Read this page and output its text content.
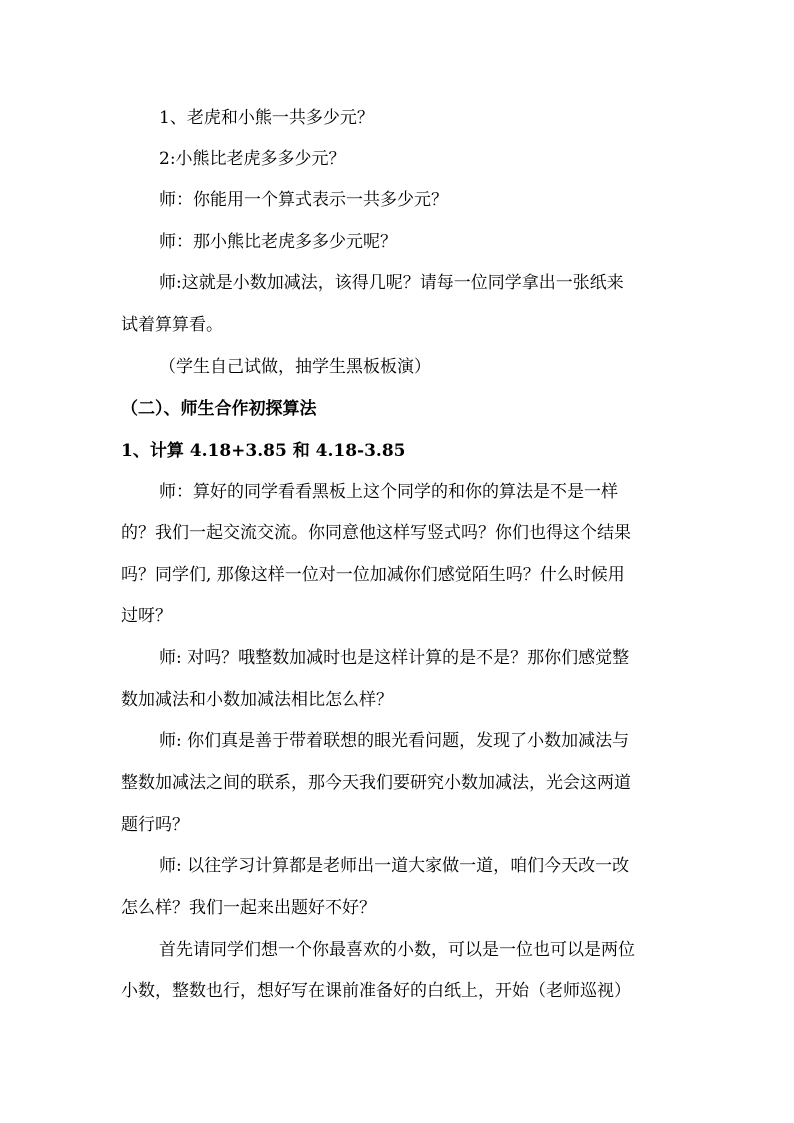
1、老虎和小熊一共多少元？
2:小熊比老虎多多少元？
师：你能用一个算式表示一共多少元？
师：那小熊比老虎多多少元呢？
师:这就是小数加减法，该得几呢？请每一位同学拿出一张纸来
试着算算看。
（学生自己试做，抽学生黑板板演）
（二）、师生合作初探算法
1、计算 4.18+3.85 和 4.18-3.85
师：算好的同学看看黑板上这个同学的和你的算法是不是一样
的？我们一起交流交流。你同意他这样写竖式吗？你们也得这个结果
吗？同学们, 那像这样一位对一位加减你们感觉陌生吗？什么时候用
过呀？
师: 对吗？哦整数加减时也是这样计算的是不是？那你们感觉整
数加减法和小数加减法相比怎么样？
师: 你们真是善于带着联想的眼光看问题，发现了小数加减法与
整数加减法之间的联系，那今天我们要研究小数加减法，光会这两道
题行吗？
师: 以往学习计算都是老师出一道大家做一道，咱们今天改一改
怎么样？我们一起来出题好不好？
首先请同学们想一个你最喜欢的小数，可以是一位也可以是两位
小数，整数也行，想好写在课前准备好的白纸上，开始（老师巡视）
